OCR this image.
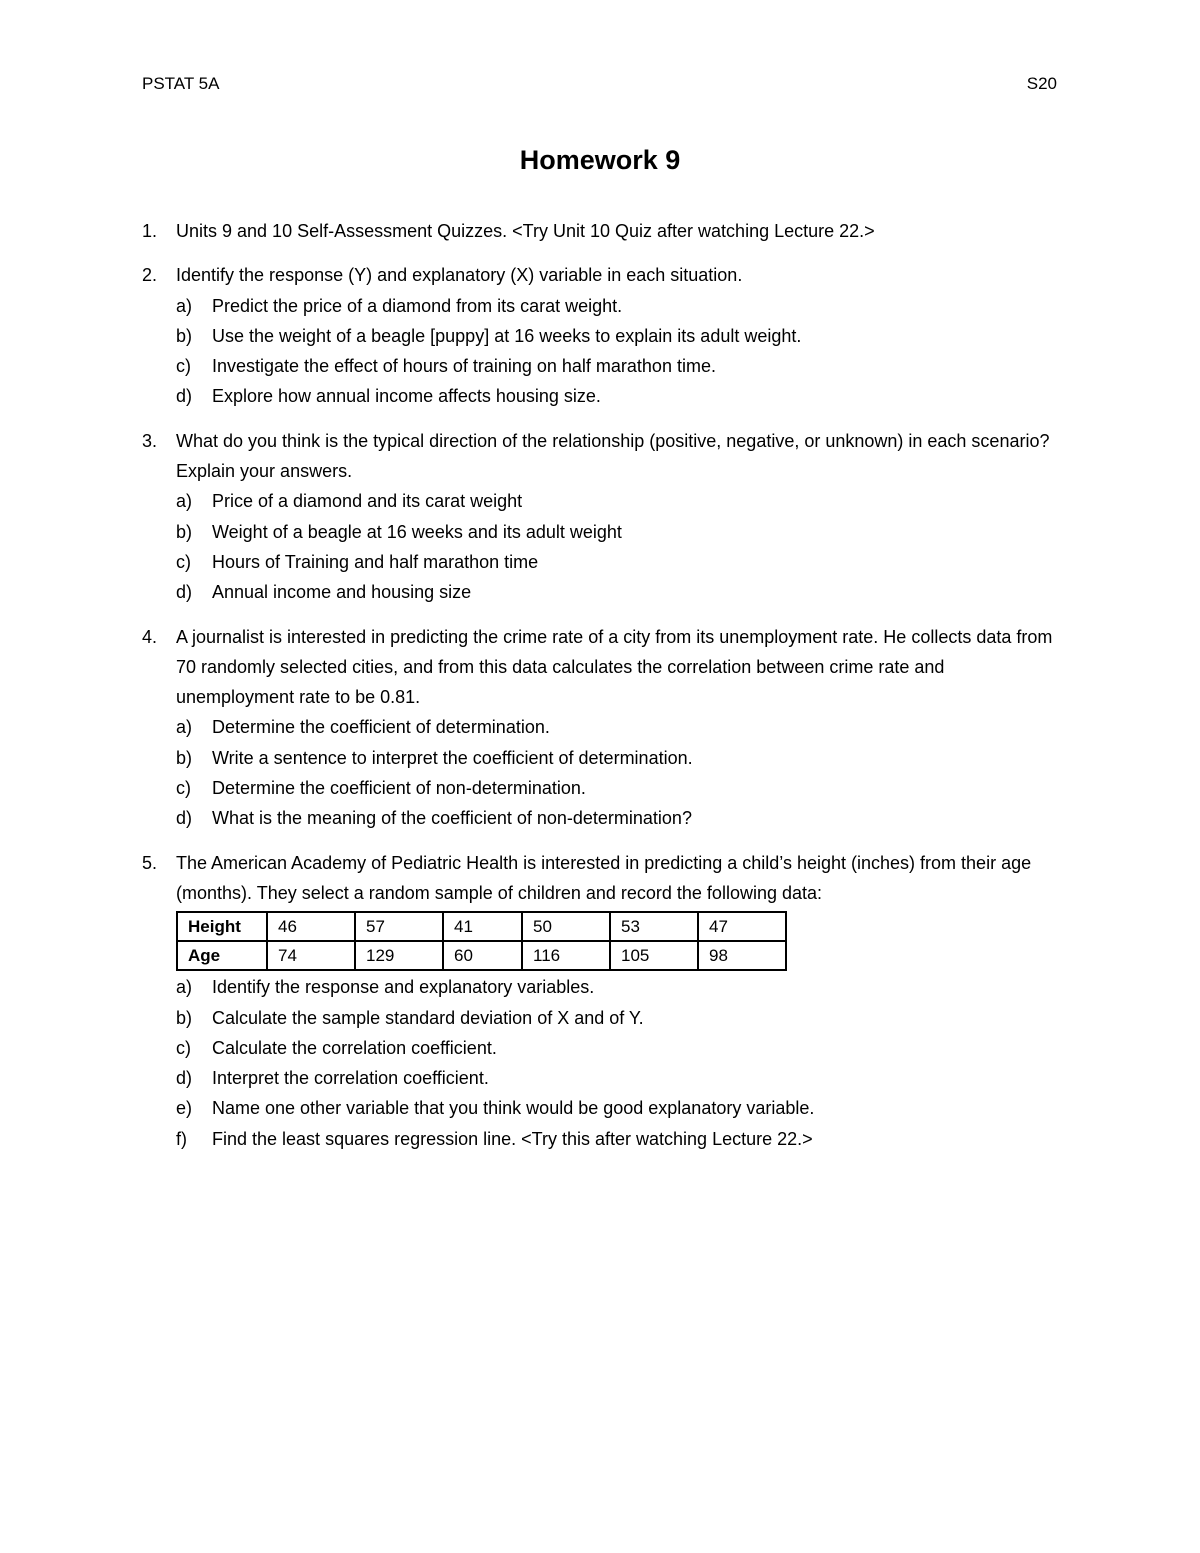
PSTAT 5A	S20
Homework 9
1. Units 9 and 10 Self-Assessment Quizzes. <Try Unit 10 Quiz after watching Lecture 22.>
2. Identify the response (Y) and explanatory (X) variable in each situation.
a) Predict the price of a diamond from its carat weight.
b) Use the weight of a beagle [puppy] at 16 weeks to explain its adult weight.
c) Investigate the effect of hours of training on half marathon time.
d) Explore how annual income affects housing size.
3. What do you think is the typical direction of the relationship (positive, negative, or unknown) in each scenario? Explain your answers.
a) Price of a diamond and its carat weight
b) Weight of a beagle at 16 weeks and its adult weight
c) Hours of Training and half marathon time
d) Annual income and housing size
4. A journalist is interested in predicting the crime rate of a city from its unemployment rate. He collects data from 70 randomly selected cities, and from this data calculates the correlation between crime rate and unemployment rate to be 0.81.
a) Determine the coefficient of determination.
b) Write a sentence to interpret the coefficient of determination.
c) Determine the coefficient of non-determination.
d) What is the meaning of the coefficient of non-determination?
5. The American Academy of Pediatric Health is interested in predicting a child’s height (inches) from their age (months). They select a random sample of children and record the following data:
Height	46	57	41	50	53	47
Age	74	129	60	116	105	98
a) Identify the response and explanatory variables.
b) Calculate the sample standard deviation of X and of Y.
c) Calculate the correlation coefficient.
d) Interpret the correlation coefficient.
e) Name one other variable that you think would be good explanatory variable.
f) Find the least squares regression line. <Try this after watching Lecture 22.>
